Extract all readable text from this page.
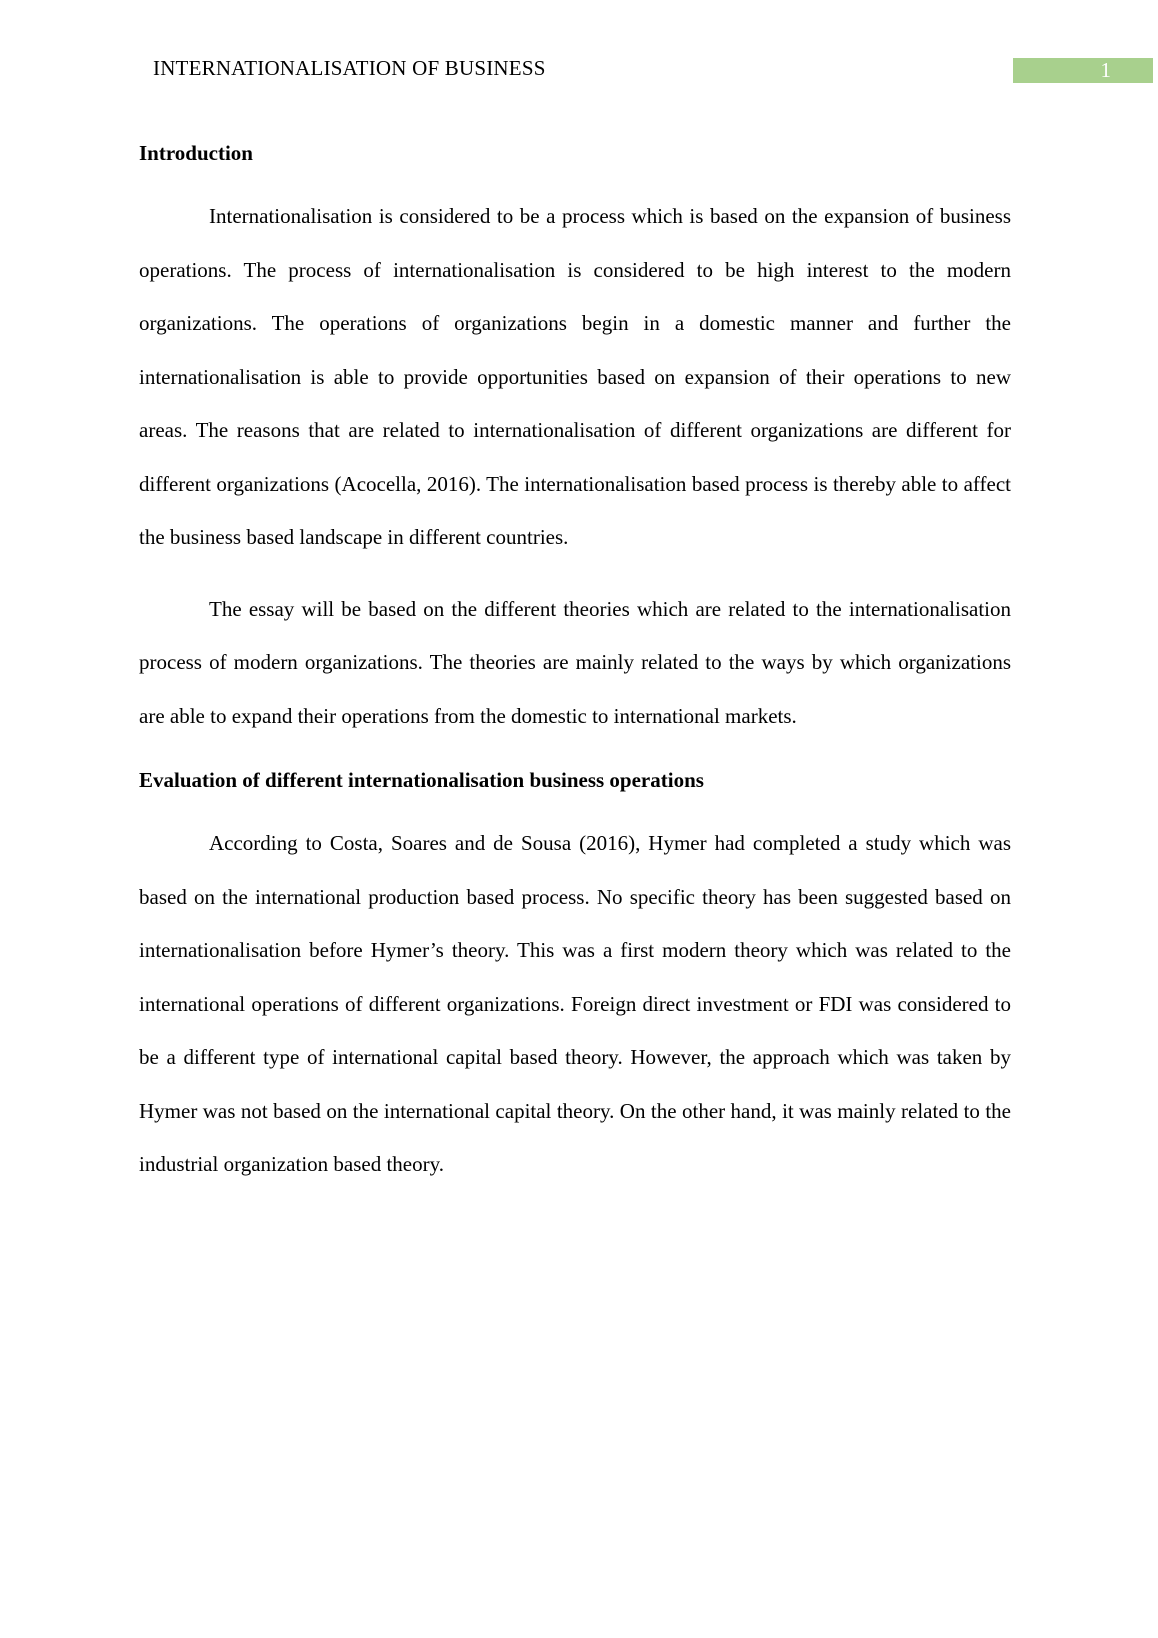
INTERNATIONALISATION OF BUSINESS	1
Introduction

Internationalisation is considered to be a process which is based on the expansion of business operations. The process of internationalisation is considered to be high interest to the modern organizations. The operations of organizations begin in a domestic manner and further the internationalisation is able to provide opportunities based on expansion of their operations to new areas. The reasons that are related to internationalisation of different organizations are different for different organizations (Acocella, 2016). The internationalisation based process is thereby able to affect the business based landscape in different countries.

The essay will be based on the different theories which are related to the internationalisation process of modern organizations. The theories are mainly related to the ways by which organizations are able to expand their operations from the domestic to international markets.

Evaluation of different internationalisation business operations

According to Costa, Soares and de Sousa (2016), Hymer had completed a study which was based on the international production based process. No specific theory has been suggested based on internationalisation before Hymer’s theory. This was a first modern theory which was related to the international operations of different organizations. Foreign direct investment or FDI was considered to be a different type of international capital based theory. However, the approach which was taken by Hymer was not based on the international capital theory. On the other hand, it was mainly related to the industrial organization based theory.
